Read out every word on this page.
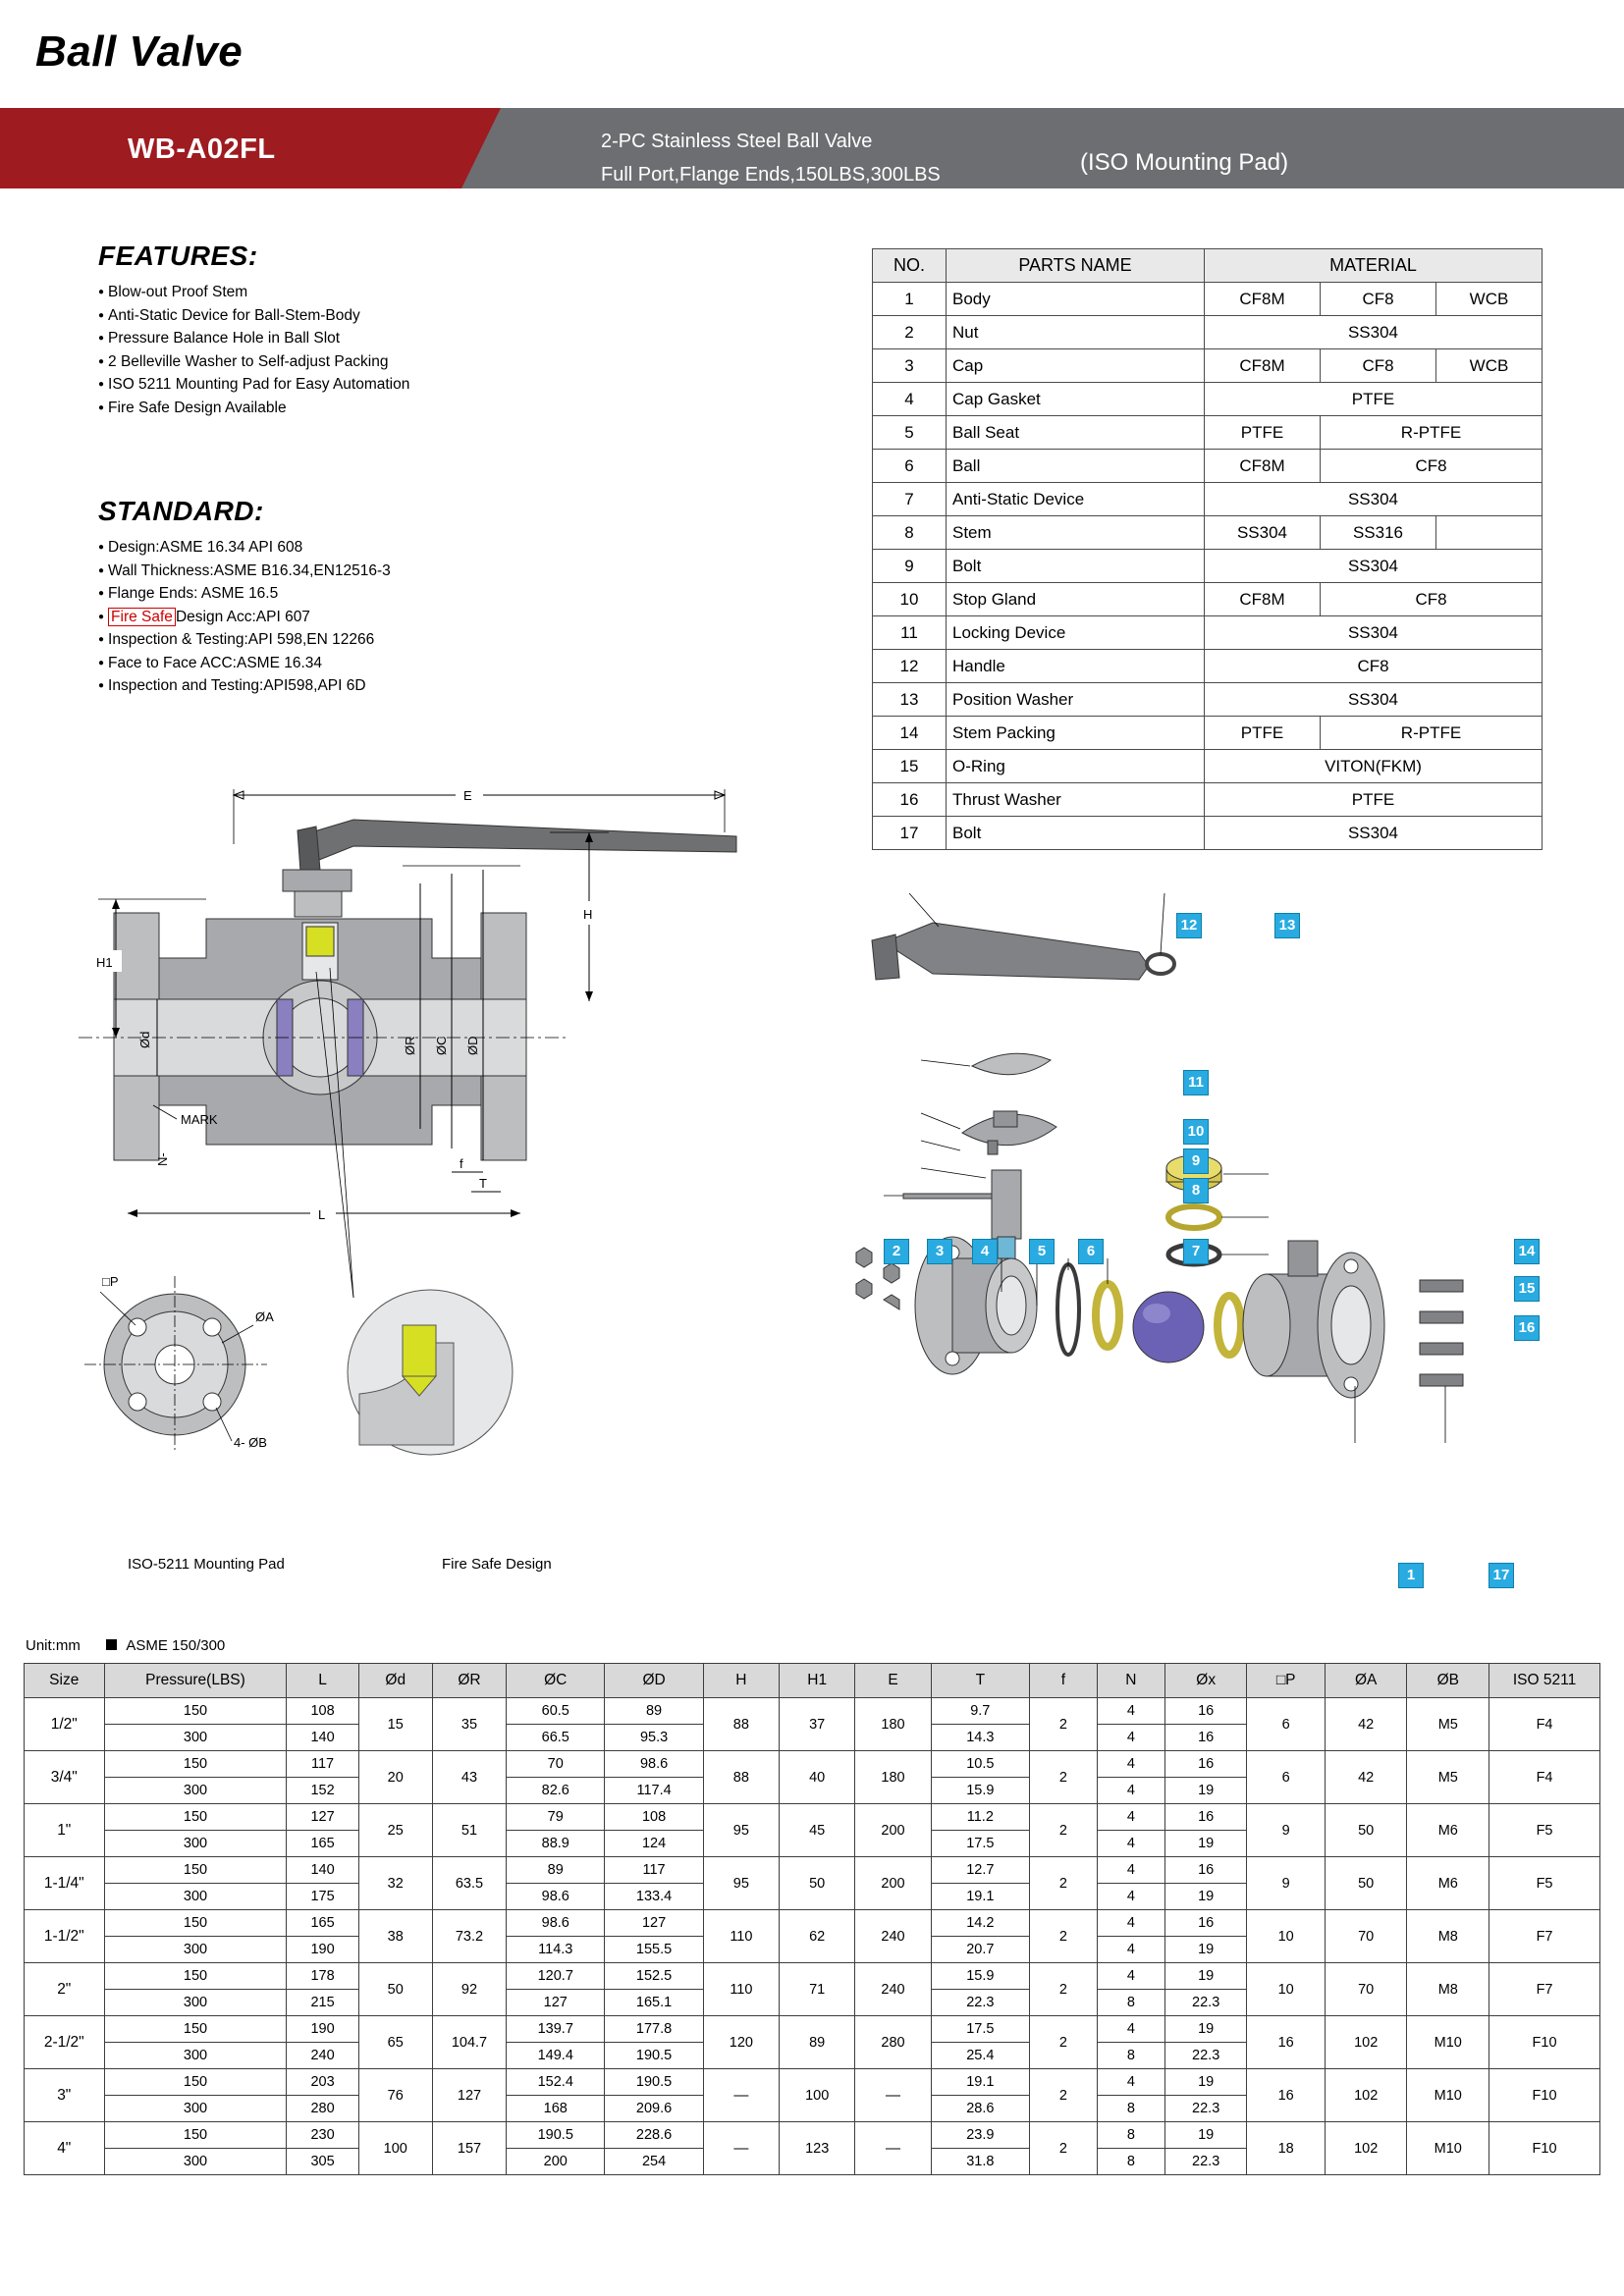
Ball Valve
WB-A02FL	2-PC Stainless Steel Ball Valve
Full Port,Flange Ends,150LBS,300LBS	(ISO Mounting Pad)
FEATURES:
● Blow-out Proof Stem
● Anti-Static Device for Ball-Stem-Body
● Pressure Balance Hole in Ball Slot
● 2 Belleville Washer to Self-adjust Packing
● ISO 5211 Mounting Pad for Easy Automation
● Fire Safe Design Available
STANDARD:
● Design:ASME 16.34 API 608
● Wall Thickness:ASME B16.34,EN12516-3
● Flange Ends: ASME 16.5
● Fire Safe Design Acc:API 607
● Inspection & Testing:API 598,EN 12266
● Face to Face ACC:ASME 16.34
● Inspection and Testing:API598,API 6D
NO.	PARTS NAME	MATERIAL		
1	Body	CF8M	CF8	WCB
2	Nut	SS304		
3	Cap	CF8M	CF8	WCB
4	Cap Gasket	PTFE		
5	Ball Seat	PTFE	R-PTFE	
6	Ball	CF8M	CF8	
7	Anti-Static Device	SS304		
8	Stem	SS304	SS316	
9	Bolt	SS304		
10	Stop Gland	CF8M	CF8	
11	Locking Device	SS304		
12	Handle	CF8		
13	Position Washer	SS304		
14	Stem Packing	PTFE	R-PTFE	
15	O-Ring	VITON(FKM)		
16	Thrust Washer	PTFE		
17	Bolt	SS304		
E
H
H1
Ød	ØR ØC ØD
MARK
N-	f
T
L
□P
ØA
4- ØB
ISO-5211 Mounting Pad	Fire Safe Design
12	13
11
10
9
8
7
2	3	4	5	6	14
15
16
1	17
Unit:mm	ASME 150/300
Size	Pressure(LBS)	L	Ød	ØR	ØC	ØD	H	H1	E	T	f	N	Øx	□P	ØA	ØB	ISO 5211
1/2"	150	108	15	35	60.5	89	88	37	180	9.7	2	4	16	6	42	M5	F4
	300	140			66.5	95.3				14.3		4	16				
3/4"	150	117	20	43	70	98.6	88	40	180	10.5	2	4	16	6	42	M5	F4
	300	152			82.6	117.4				15.9		4	19				
1"	150	127	25	51	79	108	95	45	200	11.2	2	4	16	9	50	M6	F5
	300	165			88.9	124				17.5		4	19				
1-1/4"	150	140	32	63.5	89	117	95	50	200	12.7	2	4	16	9	50	M6	F5
	300	175			98.6	133.4				19.1		4	19				
1-1/2"	150	165	38	73.2	98.6	127	110	62	240	14.2	2	4	16	10	70	M8	F7
	300	190			114.3	155.5				20.7		4	19				
2"	150	178	50	92	120.7	152.5	110	71	240	15.9	2	4	19	10	70	M8	F7
	300	215			127	165.1				22.3		8	22.3				
2-1/2"	150	190	65	104.7	139.7	177.8	120	89	280	17.5	2	4	19	16	102	M10	F10
	300	240			149.4	190.5				25.4		8	22.3				
3"	150	203	76	127	152.4	190.5	—	100	—	19.1	2	4	19	16	102	M10	F10
	300	280			168	209.6				28.6		8	22.3				
4"	150	230	100	157	190.5	228.6	—	123	—	23.9	2	8	19	18	102	M10	F10
	300	305			200	254				31.8		8	22.3				
